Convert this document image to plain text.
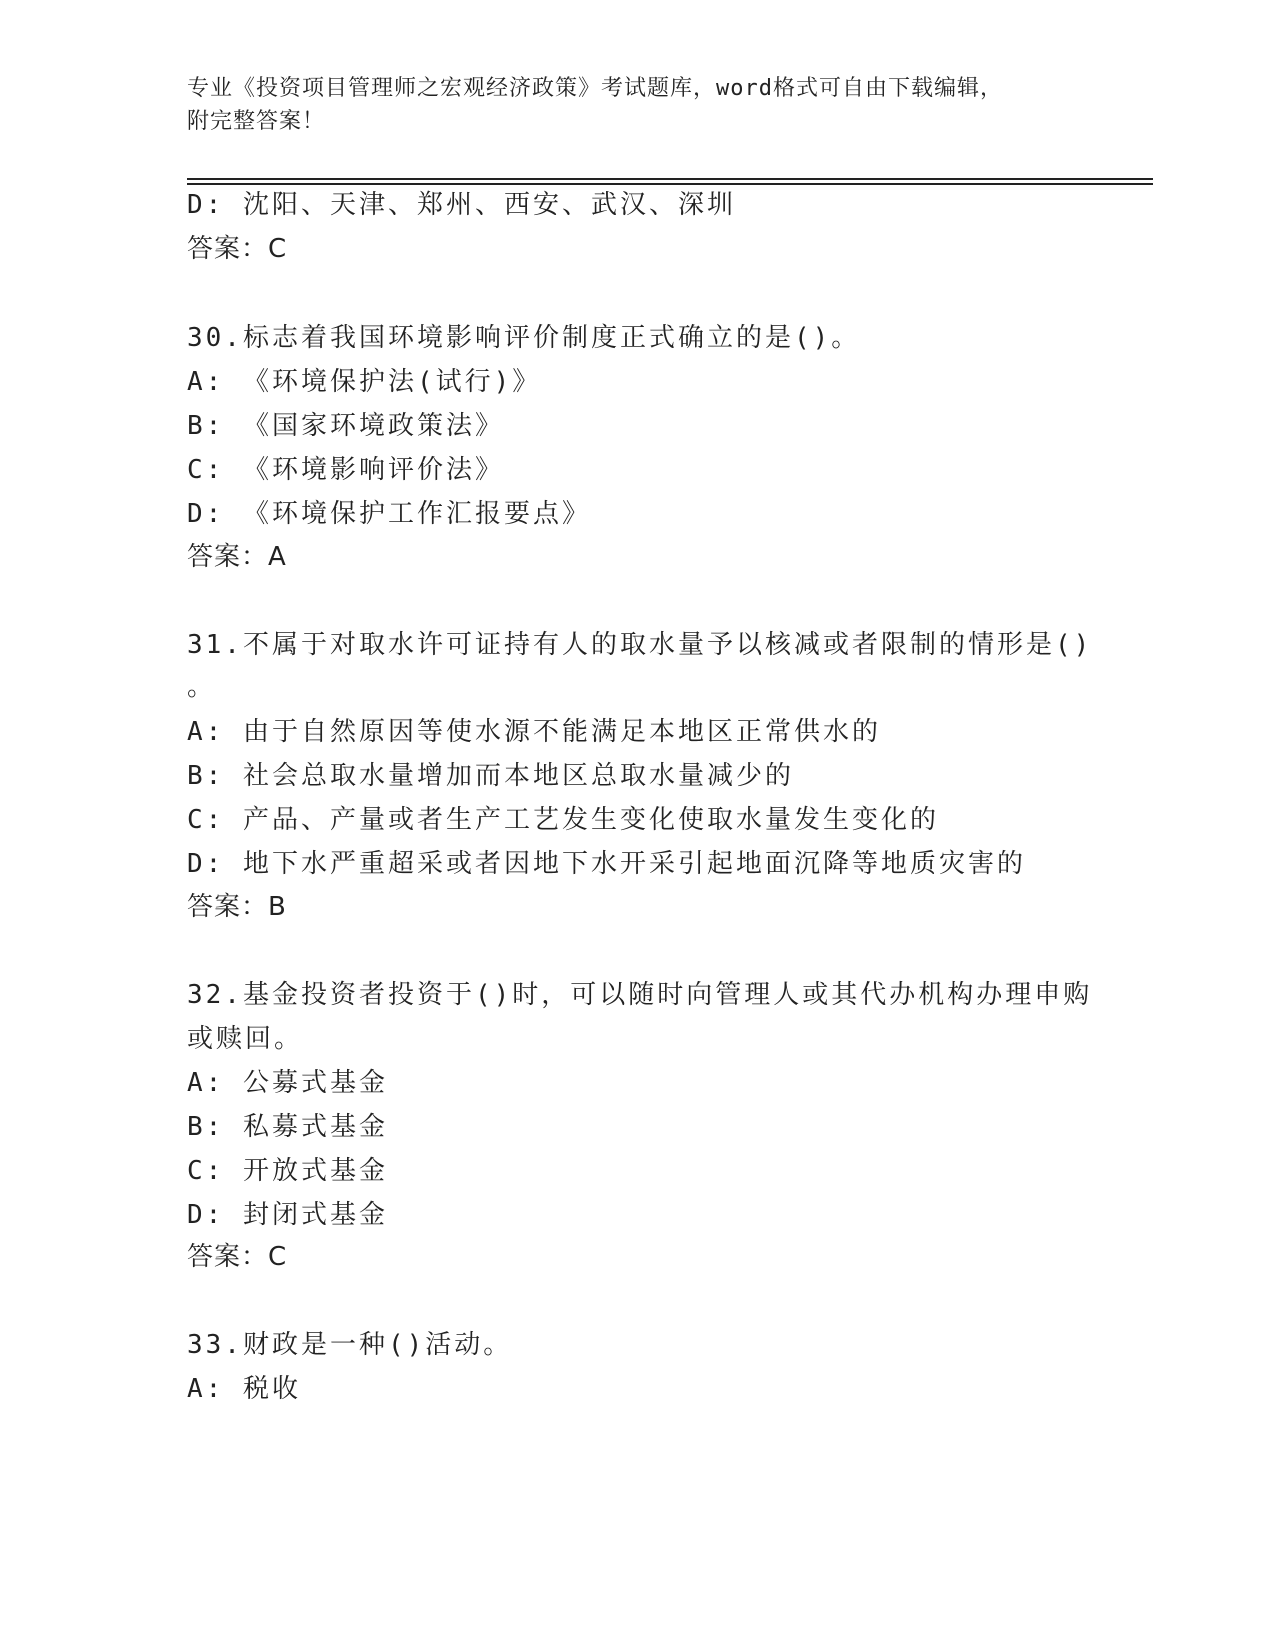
专业《投资项目管理师之宏观经济政策》考试题库，word格式可自由下载编辑，
附完整答案！
D: 沈阳、天津、郑州、西安、武汉、深圳
答案：C
30.标志着我国环境影响评价制度正式确立的是()。
A: 《环境保护法(试行)》
B: 《国家环境政策法》
C: 《环境影响评价法》
D: 《环境保护工作汇报要点》
答案：A
31.不属于对取水许可证持有人的取水量予以核减或者限制的情形是()
。
A: 由于自然原因等使水源不能满足本地区正常供水的
B: 社会总取水量增加而本地区总取水量减少的
C: 产品、产量或者生产工艺发生变化使取水量发生变化的
D: 地下水严重超采或者因地下水开采引起地面沉降等地质灾害的
答案：B
32.基金投资者投资于()时，可以随时向管理人或其代办机构办理申购
或赎回。
A: 公募式基金
B: 私募式基金
C: 开放式基金
D: 封闭式基金
答案：C
33.财政是一种()活动。
A: 税收
